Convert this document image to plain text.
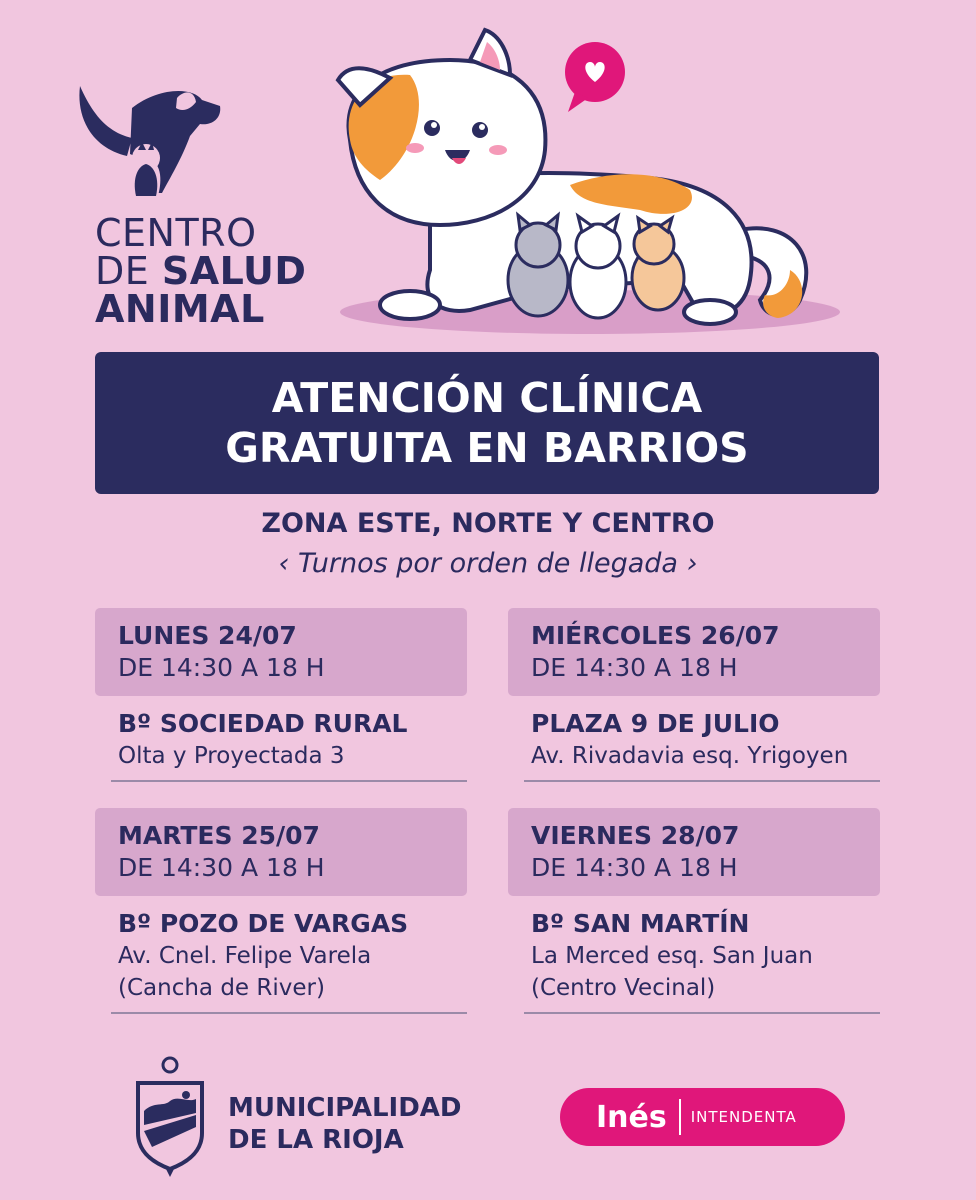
CENTRO
DE SALUD
ANIMAL
ATENCIÓN CLÍNICA
GRATUITA EN BARRIOS
ZONA ESTE, NORTE Y CENTRO
‹ Turnos por orden de llegada ›
LUNES 24/07
DE 14:30 A 18 H
Bº SOCIEDAD RURAL
Olta y Proyectada 3
MIÉRCOLES 26/07
DE 14:30 A 18 H
PLAZA 9 DE JULIO
Av. Rivadavia esq. Yrigoyen
MARTES 25/07
DE 14:30 A 18 H
Bº POZO DE VARGAS
Av. Cnel. Felipe Varela
(Cancha de River)
VIERNES 28/07
DE 14:30 A 18 H
Bº SAN MARTÍN
La Merced esq. San Juan
(Centro Vecinal)
MUNICIPALIDAD
DE LA RIOJA
Inés INTENDENTA
